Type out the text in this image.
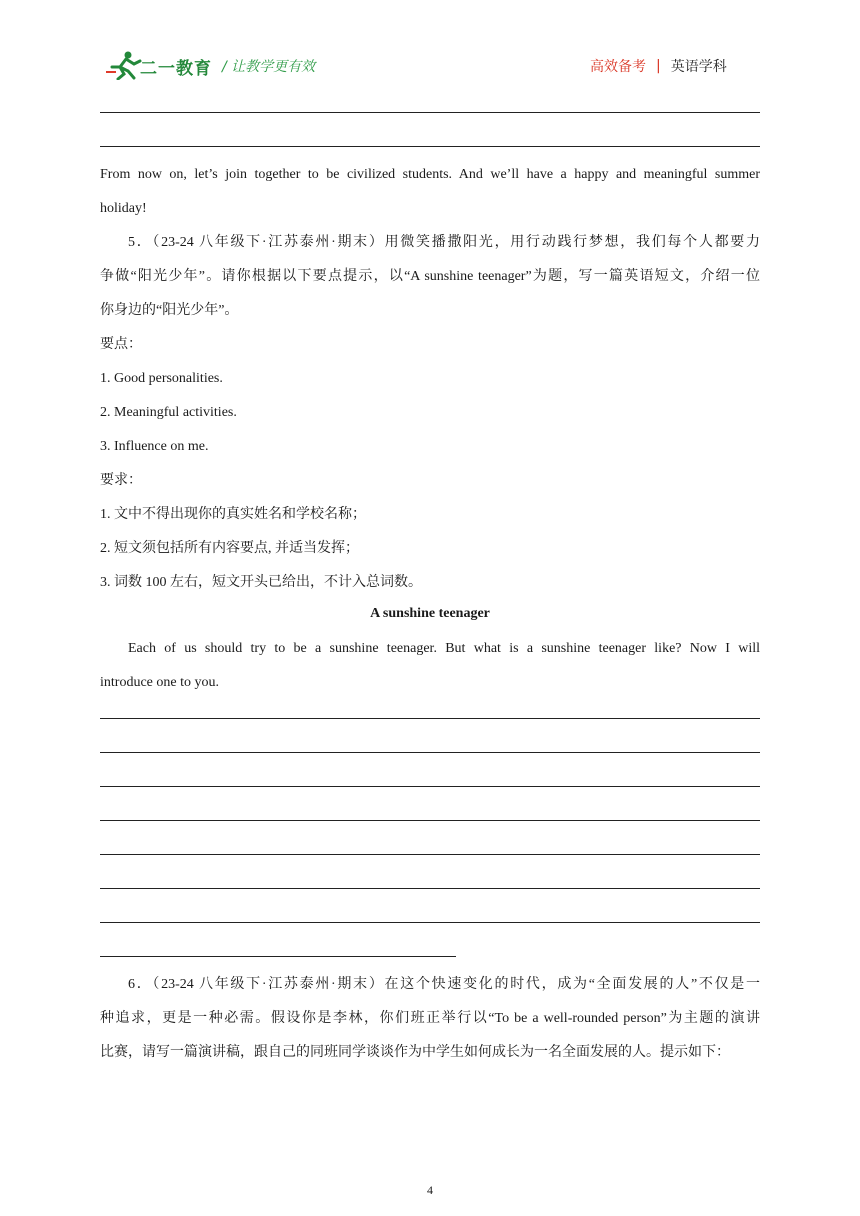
二一教育 / 让教学更有效	高效备考 | 英语学科
From now on, let’s join together to be civilized students. And we’ll have a happy and meaningful summer
holiday!
5．（23-24 八年级下·江苏泰州·期末）用微笑播撒阳光，用行动践行梦想，我们每个人都要力
争做“阳光少年”。请你根据以下要点提示，以“A sunshine teenager”为题，写一篇英语短文，介绍一位
你身边的“阳光少年”。
要点：
1. Good personalities.
2. Meaningful activities.
3. Influence on me.
要求：
1. 文中不得出现你的真实姓名和学校名称；
2. 短文须包括所有内容要点, 并适当发挥；
3. 词数 100 左右，短文开头已给出，不计入总词数。
A sunshine teenager
Each of us should try to be a sunshine teenager. But what is a sunshine teenager like? Now I will
introduce one to you.
6．（23-24 八年级下·江苏泰州·期末）在这个快速变化的时代，成为“全面发展的人”不仅是一
种追求，更是一种必需。假设你是李林，你们班正举行以“To be a well-rounded person”为主题的演讲
比赛，请写一篇演讲稿，跟自己的同班同学谈谈作为中学生如何成长为一名全面发展的人。提示如下：
4
